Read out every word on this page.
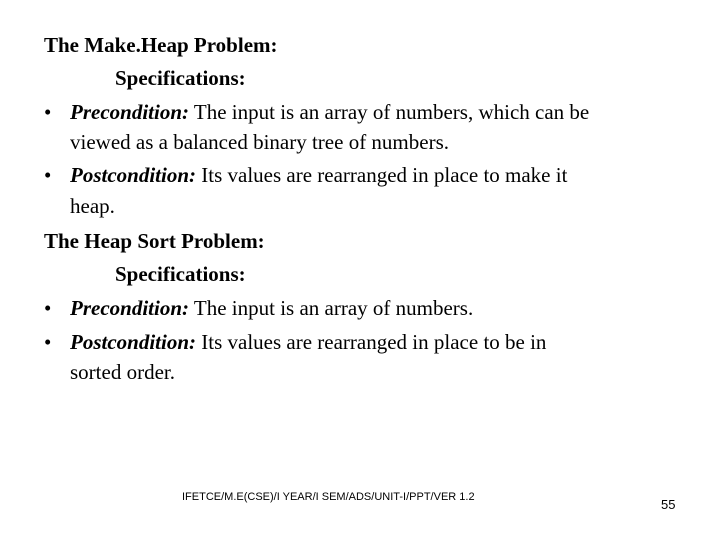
The Make.Heap Problem:
Specifications:
• Precondition: The input is an array of numbers, which can be
viewed as a balanced binary tree of numbers.
• Postcondition: Its values are rearranged in place to make it
heap.
The Heap Sort Problem:
Specifications:
• Precondition: The input is an array of numbers.
• Postcondition: Its values are rearranged in place to be in
sorted order.
IFETCE/M.E(CSE)/I YEAR/I SEM/ADS/UNIT-I/PPT/VER 1.2	55
